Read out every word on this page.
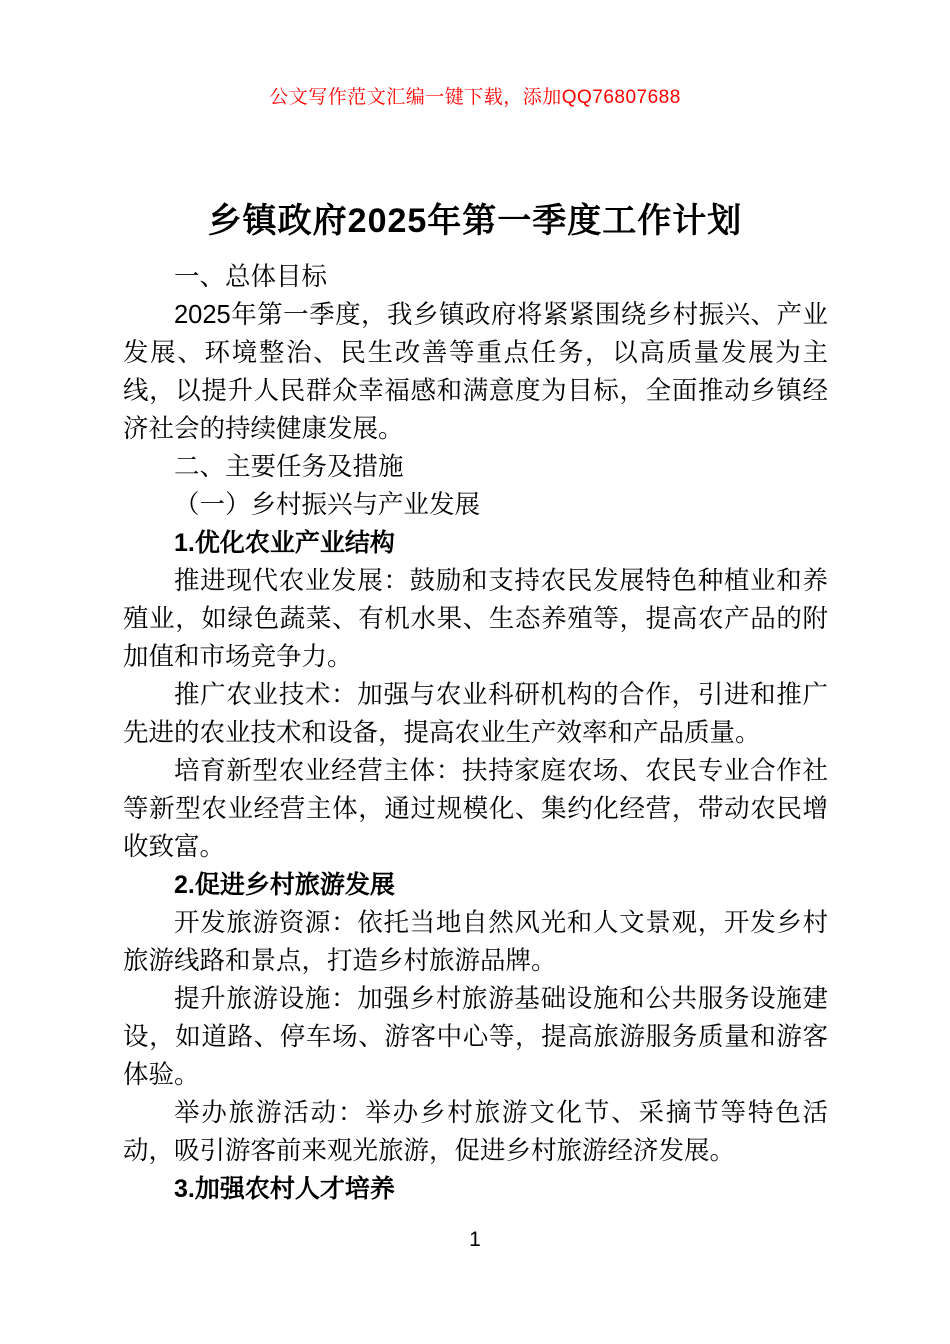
公文写作范文汇编一键下载，添加QQ76807688
乡镇政府2025年第一季度工作计划

一、总体目标

2025年第一季度，我乡镇政府将紧紧围绕乡村振兴、产业发展、环境整治、民生改善等重点任务，以高质量发展为主线，以提升人民群众幸福感和满意度为目标，全面推动乡镇经济社会的持续健康发展。

二、主要任务及措施

（一）乡村振兴与产业发展

1.优化农业产业结构

推进现代农业发展：鼓励和支持农民发展特色种植业和养殖业，如绿色蔬菜、有机水果、生态养殖等，提高农产品的附加值和市场竞争力。

推广农业技术：加强与农业科研机构的合作，引进和推广先进的农业技术和设备，提高农业生产效率和产品质量。

培育新型农业经营主体：扶持家庭农场、农民专业合作社等新型农业经营主体，通过规模化、集约化经营，带动农民增收致富。

2.促进乡村旅游发展

开发旅游资源：依托当地自然风光和人文景观，开发乡村旅游线路和景点，打造乡村旅游品牌。

提升旅游设施：加强乡村旅游基础设施和公共服务设施建设，如道路、停车场、游客中心等，提高旅游服务质量和游客体验。

举办旅游活动：举办乡村旅游文化节、采摘节等特色活动，吸引游客前来观光旅游，促进乡村旅游经济发展。

3.加强农村人才培养

1
